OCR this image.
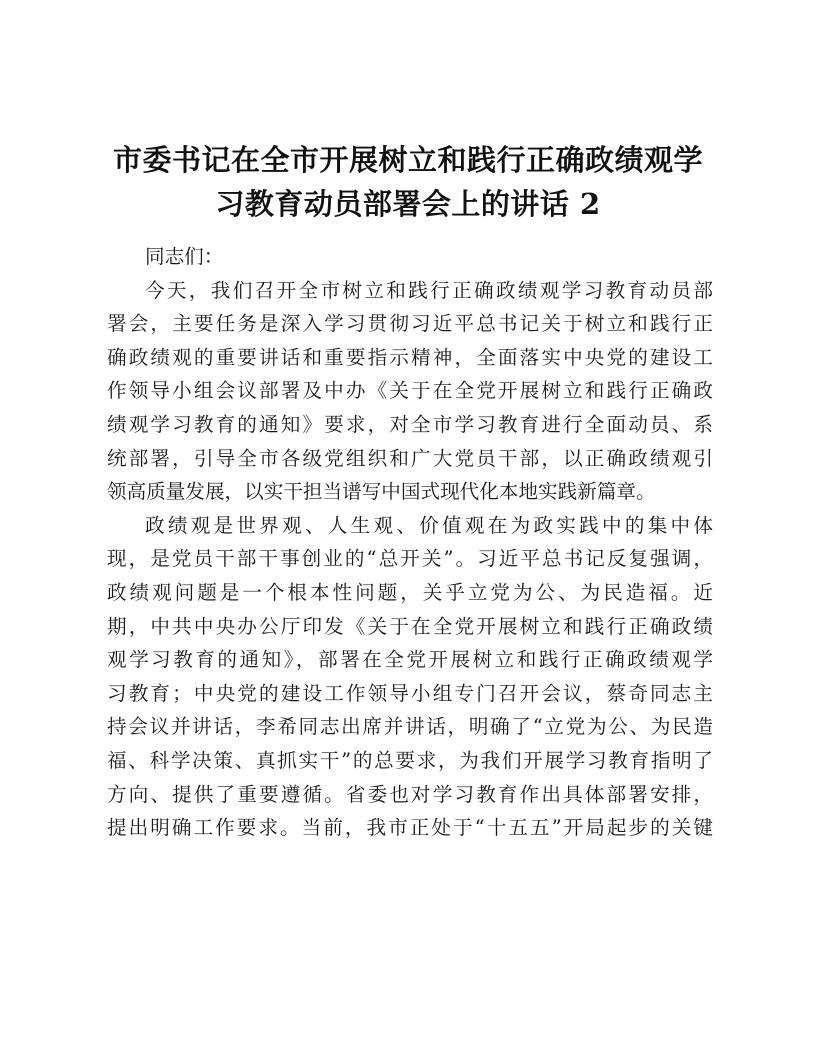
市委书记在全市开展树立和践行正确政绩观学
习教育动员部署会上的讲话 2
同志们：
今天，我们召开全市树立和践行正确政绩观学习教育动员部
署会，主要任务是深入学习贯彻习近平总书记关于树立和践行正
确政绩观的重要讲话和重要指示精神，全面落实中央党的建设工
作领导小组会议部署及中办《关于在全党开展树立和践行正确政
绩观学习教育的通知》要求，对全市学习教育进行全面动员、系
统部署，引导全市各级党组织和广大党员干部，以正确政绩观引
领高质量发展，以实干担当谱写中国式现代化本地实践新篇章。
政绩观是世界观、人生观、价值观在为政实践中的集中体
现，是党员干部干事创业的“总开关”。习近平总书记反复强调，
政绩观问题是一个根本性问题，关乎立党为公、为民造福。近
期，中共中央办公厅印发《关于在全党开展树立和践行正确政绩
观学习教育的通知》，部署在全党开展树立和践行正确政绩观学
习教育；中央党的建设工作领导小组专门召开会议，蔡奇同志主
持会议并讲话，李希同志出席并讲话，明确了“立党为公、为民造
福、科学决策、真抓实干”的总要求，为我们开展学习教育指明了
方向、提供了重要遵循。省委也对学习教育作出具体部署安排，
提出明确工作要求。当前，我市正处于“十五五”开局起步的关键
